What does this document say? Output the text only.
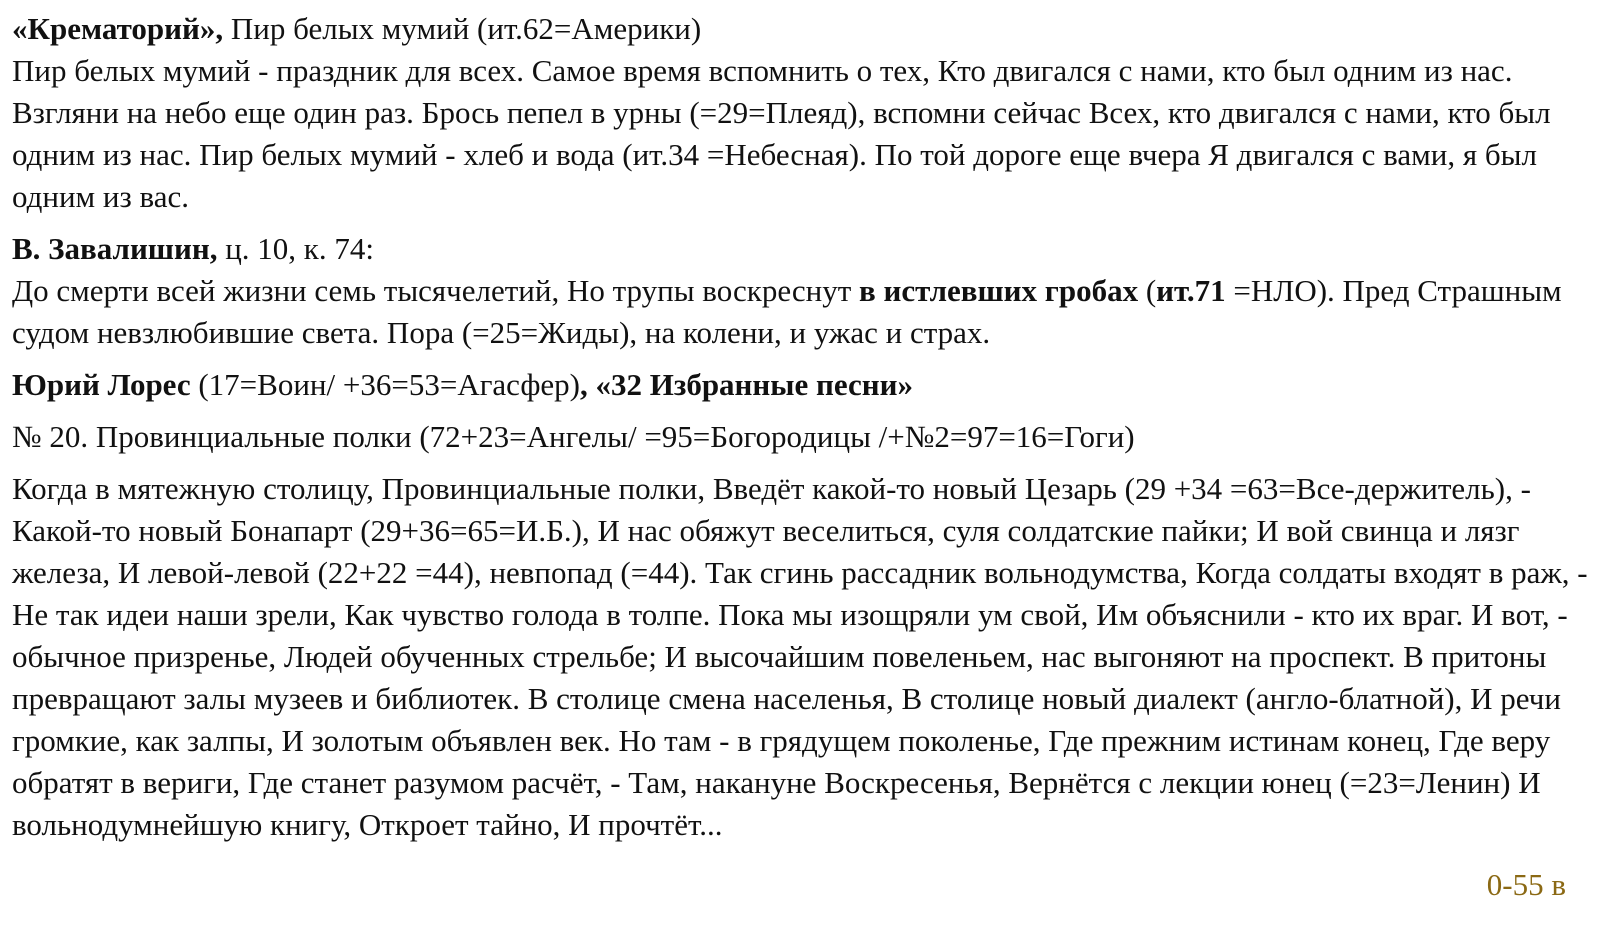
«Крематорий», Пир белых мумий (ит.62=Америки)

Пир белых мумий - праздник для всех. Самое время вспомнить о тех, Кто двигался с нами, кто был одним из нас. Взгляни на небо еще один раз. Брось пепел в урны (=29=Плеяд), вспомни сейчас Всех, кто двигался с нами, кто был одним из нас. Пир белых мумий - хлеб и вода (ит.34 =Небесная). По той дороге еще вчера Я двигался с вами, я был одним из вас.

В. Завалишин, ц. 10, к. 74:

До смерти всей жизни семь тысячелетий, Но трупы воскреснут в истлевших гробах (ит.71 =НЛО). Пред Страшным судом невзлюбившие света. Пора (=25=Жиды), на колени, и ужас и страх.

Юрий Лорес (17=Воин/ +36=53=Агасфер), «32 Избранные песни»

№ 20. Провинциальные полки (72+23=Ангелы/ =95=Богородицы /+№2=97=16=Гоги)

Когда в мятежную столицу, Провинциальные полки, Введёт какой-то новый Цезарь (29 +34 =63=Все-держитель), - Какой-то новый Бонапарт (29+36=65=И.Б.), И нас обяжут веселиться, суля солдатские пайки; И вой свинца и лязг железа, И левой-левой (22+22 =44), невпопад (=44). Так сгинь рассадник вольнодумства, Когда солдаты входят в раж, - Не так идеи наши зрели, Как чувство голода в толпе. Пока мы изощряли ум свой, Им объяснили - кто их враг. И вот, - обычное призренье, Людей обученных стрельбе; И высочайшим повеленьем, нас выгоняют на проспект. В притоны превращают залы музеев и библиотек. В столице смена населенья, В столице новый диалект (англо-блатной), И речи громкие, как залпы, И золотым объявлен век. Но там - в грядущем поколенье, Где прежним истинам конец, Где веру обратят в вериги, Где станет разумом расчёт, - Там, накануне Воскресенья, Вернётся с лекции юнец (=23=Ленин) И вольнодумнейшую книгу, Откроет тайно, И прочтёт...

0-55 в
